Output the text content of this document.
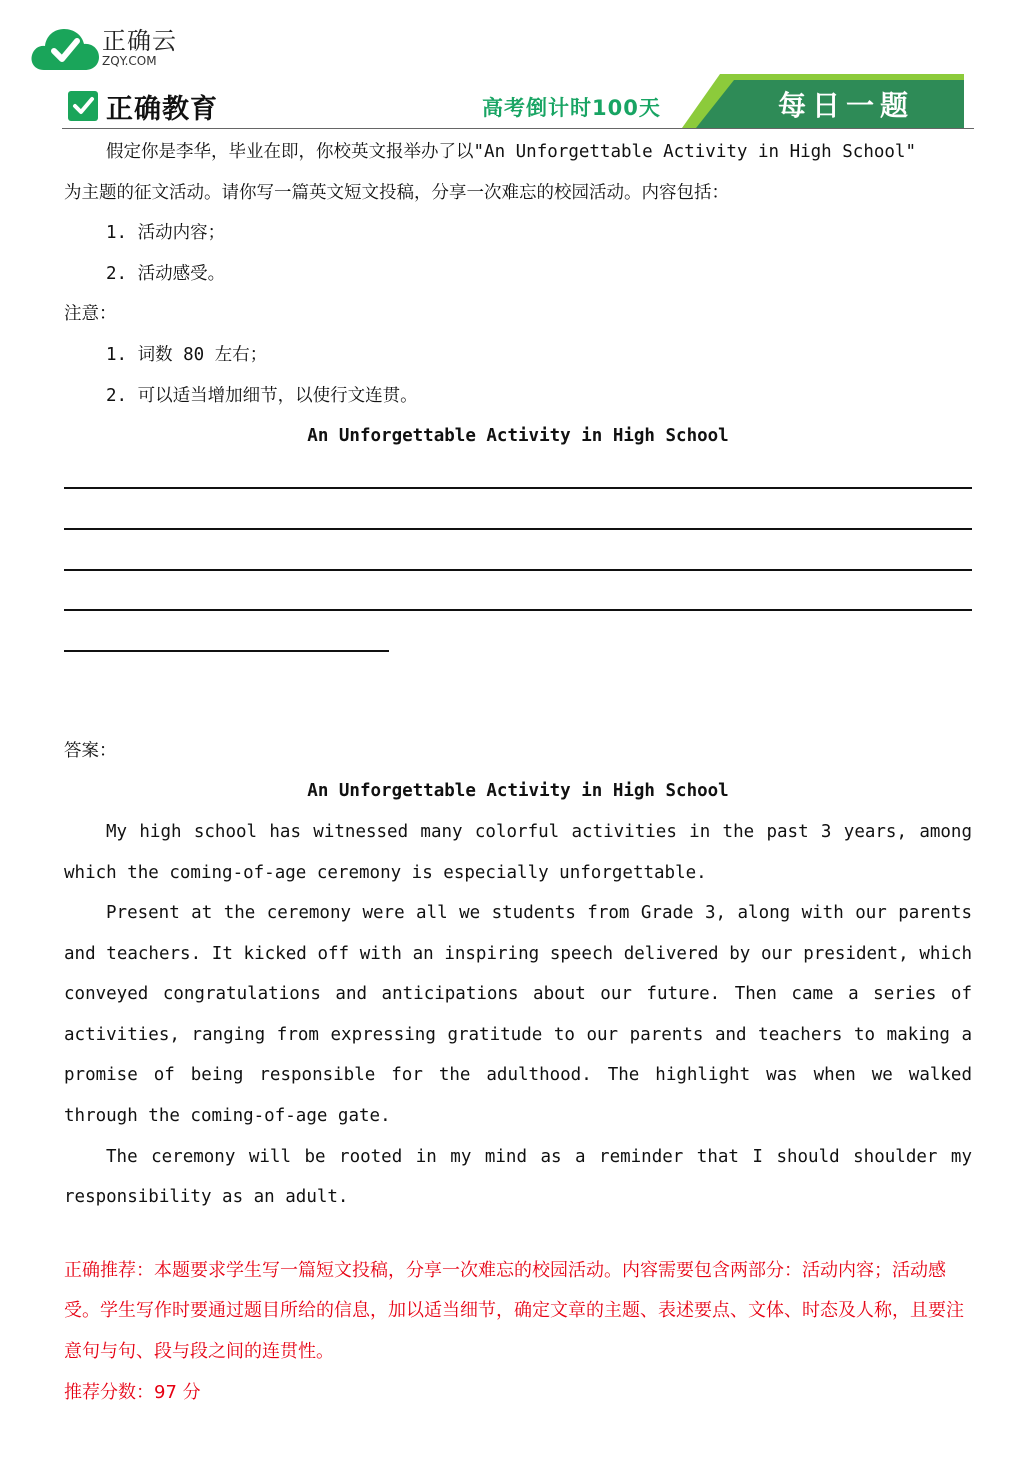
正确云
ZQY.COM
正确教育	高考倒计时100天	每日一题

假定你是李华，毕业在即，你校英文报举办了以"An Unforgettable Activity in High School"

为主题的征文活动。请你写一篇英文短文投稿，分享一次难忘的校园活动。内容包括：

1. 活动内容；

2. 活动感受。

注意：

1. 词数 80 左右；

2. 可以适当增加细节，以使行文连贯。

An Unforgettable Activity in High School

答案：

An Unforgettable Activity in High School

My high school has witnessed many colorful activities in the past 3 years, among which the coming-of-age ceremony is especially unforgettable.

Present at the ceremony were all we students from Grade 3, along with our parents and teachers. It kicked off with an inspiring speech delivered by our president, which conveyed congratulations and anticipations about our future. Then came a series of activities, ranging from expressing gratitude to our parents and teachers to making a promise of being responsible for the adulthood. The highlight was when we walked through the coming-of-age gate.

The ceremony will be rooted in my mind as a reminder that I should shoulder my responsibility as an adult.

正确推荐：本题要求学生写一篇短文投稿，分享一次难忘的校园活动。内容需要包含两部分：活动内容；活动感受。学生写作时要通过题目所给的信息，加以适当细节，确定文章的主题、表述要点、文体、时态及人称，且要注意句与句、段与段之间的连贯性。

推荐分数：97 分
